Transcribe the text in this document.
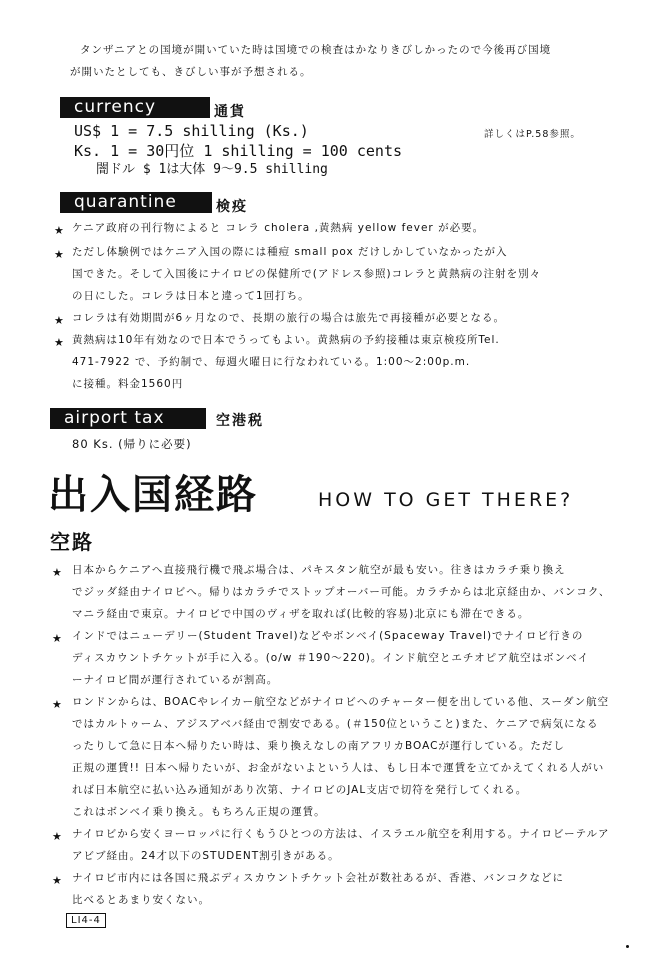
タンザニアとの国境が開いていた時は国境での検査はかなりきびしかったので今後再び国境
が開いたとしても、きびしい事が予想される。
currency	通貨
US$ 1 = 7.5 shilling (Ks.)	詳しくはP.58参照。
Ks. 1 = 30円位 1 shilling = 100 cents
闇ドル $ 1は大体 9～9.5 shilling
quarantine	検疫
★ ケニア政府の刊行物によると コレラ cholera ,黄熱病 yellow fever が必要。
★ ただし体験例ではケニア入国の際には種痘 small pox だけしかしていなかったが入
国できた。そして入国後にナイロビの保健所で(アドレス参照)コレラと黄熱病の注射を別々
の日にした。コレラは日本と違って1回打ち。
★ コレラは有効期間が6ヶ月なので、長期の旅行の場合は旅先で再接種が必要となる。
★ 黄熱病は10年有効なので日本でうってもよい。黄熱病の予約接種は東京検疫所Tel.
471-7922 で、予約制で、毎週火曜日に行なわれている。1:00～2:00p.m.
に接種。料金1560円
airport tax	空港税
80 Ks. (帰りに必要)
出入国経路	HOW TO GET THERE?
空路
★ 日本からケニアへ直接飛行機で飛ぶ場合は、パキスタン航空が最も安い。往きはカラチ乗り換え
でジッダ経由ナイロビへ。帰りはカラチでストップオーバー可能。カラチからは北京経由か、バンコク、
マニラ経由で東京。ナイロビで中国のヴィザを取れば(比較的容易)北京にも滞在できる。
★ インドではニューデリー(Student Travel)などやボンベイ(Spaceway Travel)でナイロビ行きの
ディスカウントチケットが手に入る。(o/w ＃190～220)。インド航空とエチオピア航空はボンベイ
ーナイロビ間が運行されているが割高。
★ ロンドンからは、BOACやレイカー航空などがナイロビへのチャーター便を出している他、スーダン航空
ではカルトゥーム、アジスアベバ経由で割安である。(＃150位ということ)また、ケニアで病気になる
ったりして急に日本へ帰りたい時は、乗り換えなしの南アフリカBOACが運行している。ただし
正規の運賃!! 日本へ帰りたいが、お金がないよという人は、もし日本で運賃を立てかえてくれる人がい
れば日本航空に払い込み通知があり次第、ナイロビのJAL支店で切符を発行してくれる。
これはボンベイ乗り換え。もちろん正規の運賃。
★ ナイロビから安くヨーロッパに行くもうひとつの方法は、イスラエル航空を利用する。ナイロビーテルア
アビブ経由。24才以下のSTUDENT割引きがある。
★ ナイロビ市内には各国に飛ぶディスカウントチケット会社が数社あるが、香港、バンコクなどに
比べるとあまり安くない。
LI4-4
